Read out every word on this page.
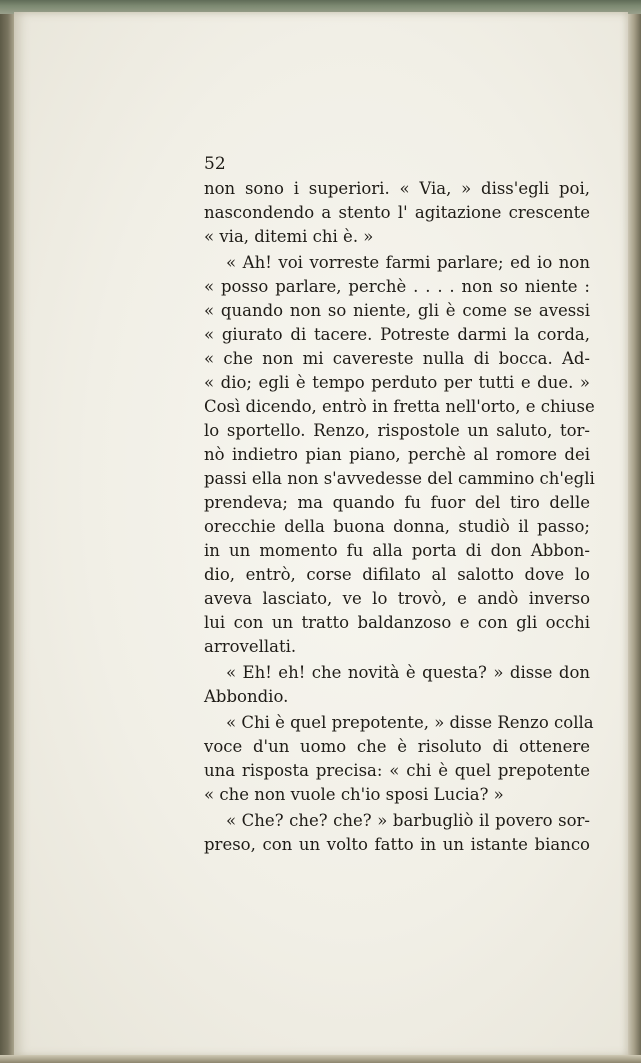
52
non sono i superiori. « Via, » diss'egli poi,
nascondendo a stento l' agitazione crescente
« via, ditemi chi è. »
« Ah! voi vorreste farmi parlare; ed io non
« posso parlare, perchè . . . . non so niente :
« quando non so niente, gli è come se avessi
« giurato di tacere. Potreste darmi la corda,
« che non mi cavereste nulla di bocca. Ad-
« dio; egli è tempo perduto per tutti e due. »
Così dicendo, entrò in fretta nell'orto, e chiuse
lo sportello. Renzo, rispostole un saluto, tor-
nò indietro pian piano, perchè al romore dei
passi ella non s'avvedesse del cammino ch'egli
prendeva; ma quando fu fuor del tiro delle
orecchie della buona donna, studiò il passo;
in un momento fu alla porta di don Abbon-
dio, entrò, corse difilato al salotto dove lo
aveva lasciato, ve lo trovò, e andò inverso
lui con un tratto baldanzoso e con gli occhi
arrovellati.
« Eh! eh! che novità è questa? » disse don
Abbondio.
« Chi è quel prepotente, » disse Renzo colla
voce d'un uomo che è risoluto di ottenere
una risposta precisa: « chi è quel prepotente
« che non vuole ch'io sposi Lucia? »
« Che? che? che? » barbugliò il povero sor-
preso, con un volto fatto in un istante bianco
